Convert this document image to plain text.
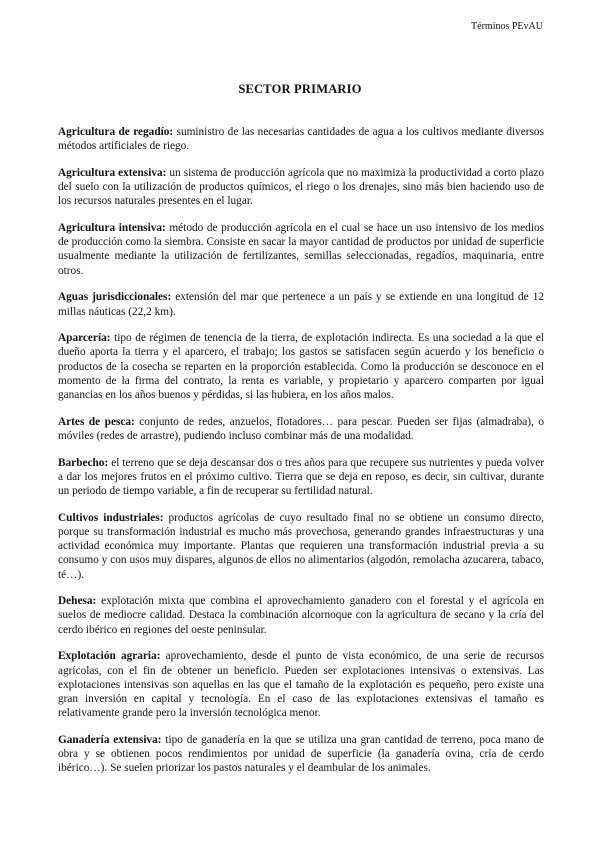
Términos PEvAU
SECTOR PRIMARIO

Agricultura de regadío: suministro de las necesarias cantidades de agua a los cultivos mediante diversos métodos artificiales de riego.

Agricultura extensiva: un sistema de producción agrícola que no maximiza la productividad a corto plazo del suelo con la utilización de productos químicos, el riego o los drenajes, sino más bien haciendo uso de los recursos naturales presentes en el lugar.

Agricultura intensiva: método de producción agrícola en el cual se hace un uso intensivo de los medios de producción como la siembra. Consiste en sacar la mayor cantidad de productos por unidad de superficie usualmente mediante la utilización de fertilizantes, semillas seleccionadas, regadíos, maquinaria, entre otros.

Aguas jurisdiccionales: extensión del mar que pertenece a un país y se extiende en una longitud de 12 millas náuticas (22,2 km).

Aparcería: tipo de régimen de tenencia de la tierra, de explotación indirecta. Es una sociedad a la que el dueño aporta la tierra y el aparcero, el trabajo; los gastos se satisfacen según acuerdo y los beneficio o productos de la cosecha se reparten en la proporción establecida. Como la producción se desconoce en el momento de la firma del contrato, la renta es variable, y propietario y aparcero comparten por igual ganancias en los años buenos y pérdidas, si las hubiera, en los años malos.

Artes de pesca: conjunto de redes, anzuelos, flotadores… para pescar. Pueden ser fijas (almadraba), o móviles (redes de arrastre), pudiendo incluso combinar más de una modalidad.

Barbecho: el terreno que se deja descansar dos o tres años para que recupere sus nutrientes y pueda volver a dar los mejores frutos en el próximo cultivo. Tierra que se deja en reposo, es decir, sin cultivar, durante un periodo de tiempo variable, a fin de recuperar su fertilidad natural.

Cultivos industriales: productos agrícolas de cuyo resultado final no se obtiene un consumo directo, porque su transformación industrial es mucho más provechosa, generando grandes infraestructuras y una actividad económica muy importante. Plantas que requieren una transformación industrial previa a su consumo y con usos muy dispares, algunos de ellos no alimentarios (algodón, remolacha azucarera, tabaco, té…).

Dehesa: explotación mixta que combina el aprovechamiento ganadero con el forestal y el agrícola en suelos de mediocre calidad. Destaca la combinación alcornoque con la agricultura de secano y la cría del cerdo ibérico en regiones del oeste peninsular.

Explotación agraria: aprovechamiento, desde el punto de vista económico, de una serie de recursos agrícolas, con el fin de obtener un beneficio. Pueden ser explotaciones intensivas o extensivas. Las explotaciones intensivas son aquellas en las que el tamaño de la explotación es pequeño, pero existe una gran inversión en capital y tecnología. En el caso de las explotaciones extensivas el tamaño es relativamente grande pero la inversión tecnológica menor.

Ganadería extensiva: tipo de ganadería en la que se utiliza una gran cantidad de terreno, poca mano de obra y se obtienen pocos rendimientos por unidad de superficie (la ganadería ovina, cría de cerdo ibérico…). Se suelen priorizar los pastos naturales y el deambular de los animales.
